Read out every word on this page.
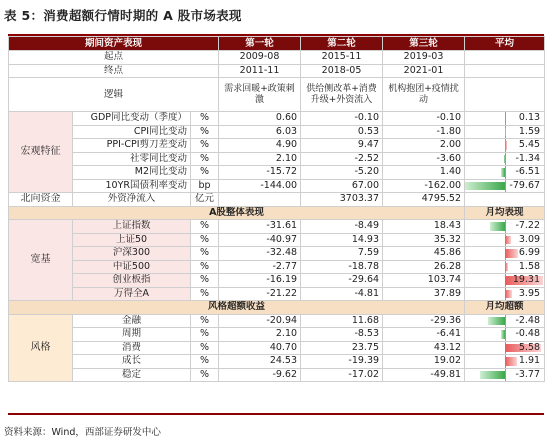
表 5：消费超额行情时期的 A 股市场表现
期间资产表现			第一轮	第二轮	第三轮	平均
起点			2009-08	2015-11	2019-03	
终点			2011-11	2018-05	2021-01	
逻辑			需求回暖+政策刺激	供给侧改革+消费升级+外资流入	机构抱团+疫情扰动	
宏观特征	GDP同比变动（季度）	%	0.60	-0.10	-0.10	0.13

	CPI同比变动	%	6.03	0.53	-1.80	1.59

	PPI-CPI剪刀差变动	%	4.90	9.47	2.00	5.45

	社零同比变动	%	2.10	-2.52	-3.60	-1.34

	M2同比变动	%	-15.72	-5.20	1.40	-6.51

	10YR国债利率变动	bp	-144.00	67.00	-162.00	-79.67

北向资金	外资净流入	亿元		3703.37	4795.52	
A股整体表现						月均表现
宽基	上证指数	%	-31.61	-8.49	18.43	-7.22

	上证50	%	-40.97	14.93	35.32	3.09

	沪深300	%	-32.48	7.59	45.86	6.99

	中证500	%	-2.77	-18.78	26.28	1.58

	创业板指	%	-16.19	-29.64	103.74	19.31

	万得全A	%	-21.22	-4.81	37.89	3.95

风格超额收益						月均超额
风格	金融	%	-20.94	11.68	-29.36	-2.48

	周期	%	2.10	-8.53	-6.41	-0.48

	消费	%	40.70	23.75	43.12	5.58

	成长	%	24.53	-19.39	19.02	1.91

	稳定	%	-9.62	-17.02	-49.81	-3.77
资料来源：Wind，西部证券研发中心
